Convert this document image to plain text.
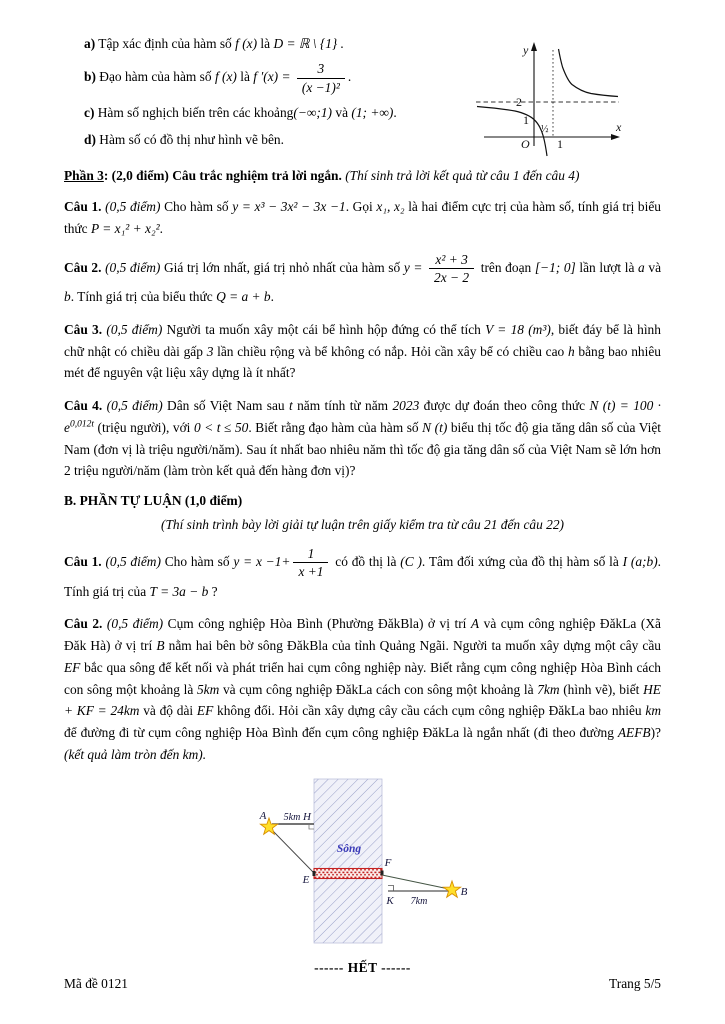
a) Tập xác định của hàm số f (x) là D = ℝ \ {1} .
b) Đạo hàm của hàm số f (x) là f $'(x) = \frac{3}{\text{(x −1)²}}$ .
c) Hàm số nghịch biến trên các khoảng(−∞;1) và (1; +∞).
d) Hàm số có đồ thị như hình vẽ bên.
y
x
O
2
1
½
1

Phần 3: (2,0 điểm) Câu trắc nghiệm trả lời ngắn. (Thí sinh trả lời kết quả từ câu 1 đến câu 4)

Câu 1. (0,5 điểm) Cho hàm số y = x³ − 3x² − 3x −1. Gọi x₁, x₂ là hai điểm cực trị của hàm số, tính giá trị biểu thức P = x₁² + x₂².

Câu 2. (0,5 điểm) Giá trị lớn nhất, giá trị nhỏ nhất của hàm số $y = \frac{\text{x² + 3}}{2x - 2}$ trên đoạn [−1; 0] lần lượt là a và b. Tính giá trị của biểu thức Q = a + b.

Câu 3. (0,5 điểm) Người ta muốn xây một cái bể hình hộp đứng có thể tích V = 18 (m³), biết đáy bể là hình chữ nhật có chiều dài gấp 3 lần chiều rộng và bể không có nắp. Hỏi cần xây bể có chiều cao h bằng bao nhiêu mét để nguyên vật liệu xây dựng là ít nhất?

Câu 4. (0,5 điểm) Dân số Việt Nam sau t năm tính từ năm 2023 được dự đoán theo công thức N $(t) = 100 \cdot e^{0,012t}$ (triệu người), với 0 < t ≤ 50. Biết rằng đạo hàm của hàm số N (t) biểu thị tốc độ gia tăng dân số của Việt Nam (đơn vị là triệu người/năm). Sau ít nhất bao nhiêu năm thì tốc độ gia tăng dân số của Việt Nam sẽ lớn hơn 2 triệu người/năm (làm tròn kết quả đến hàng đơn vị)?

B. PHẦN TỰ LUẬN (1,0 điểm)

(Thí sinh trình bày lời giải tự luận trên giấy kiểm tra từ câu 21 đến câu 22)

Câu 1. (0,5 điểm) Cho hàm số $y = x -1+ \frac{1}{x +1}$ có đồ thị là (C ). Tâm đối xứng của đồ thị hàm số là I (a;b). Tính giá trị của T = 3a − b ?

Câu 2. (0,5 điểm) Cụm công nghiệp Hòa Bình (Phường ĐăkBla) ở vị trí A và cụm công nghiệp ĐăkLa (Xã Đăk Hà) ở vị trí B nằm hai bên bờ sông ĐăkBla của tỉnh Quảng Ngãi. Người ta muốn xây dựng một cây cầu EF bắc qua sông để kết nối và phát triển hai cụm công nghiệp này. Biết rằng cụm công nghiệp Hòa Bình cách con sông một khoảng là 5km và cụm công nghiệp ĐăkLa cách con sông một khoảng là 7km (hình vẽ), biết HE + KF = 24km và độ dài EF không đổi. Hỏi cần xây dựng cây cầu cách cụm công nghiệp ĐăkLa bao nhiêu km để đường đi từ cụm công nghiệp Hòa Bình đến cụm công nghiệp ĐăkLa là ngắn nhất (đi theo đường AEFB)? (kết quả làm tròn đến km).

A	H
5km
Sông
E
F
K 7km
B

------ HẾT ------

Mã đề 0121	Trang 5/5
